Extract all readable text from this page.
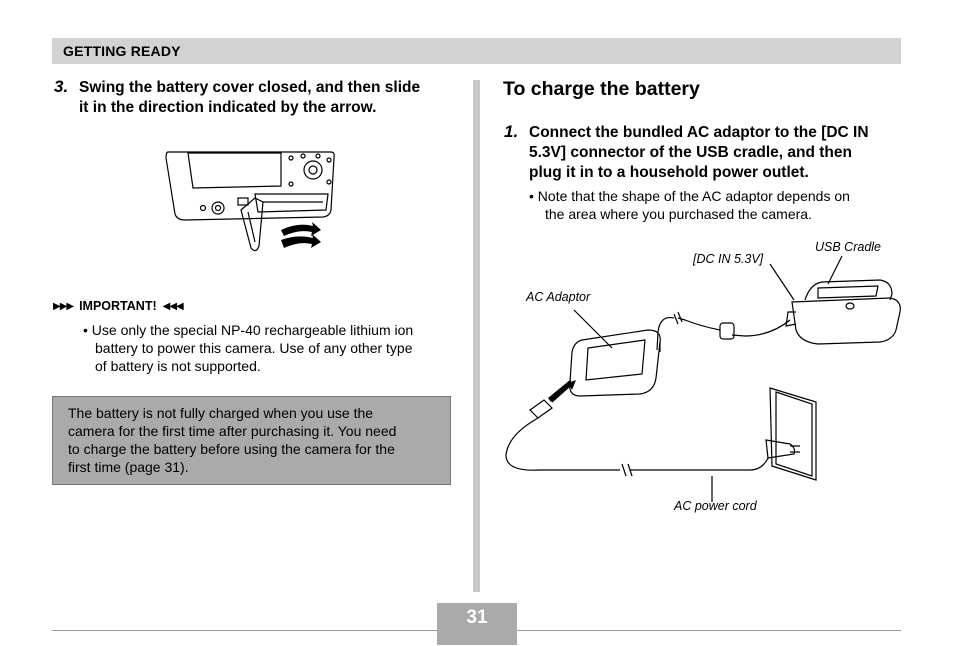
GETTING READY
3. Swing the battery cover closed, and then slide
it in the direction indicated by the arrow.
▶▶▶ IMPORTANT! ◀◀◀
• Use only the special NP-40 rechargeable lithium ion
battery to power this camera. Use of any other type
of battery is not supported.
The battery is not fully charged when you use the
camera for the first time after purchasing it. You need
to charge the battery before using the camera for the
first time (page 31).
To charge the battery
1. Connect the bundled AC adaptor to the [DC IN
5.3V] connector of the USB cradle, and then
plug it in to a household power outlet.
• Note that the shape of the AC adaptor depends on
the area where you purchased the camera.
USB Cradle
[DC IN 5.3V]
AC Adaptor
AC power cord
31
